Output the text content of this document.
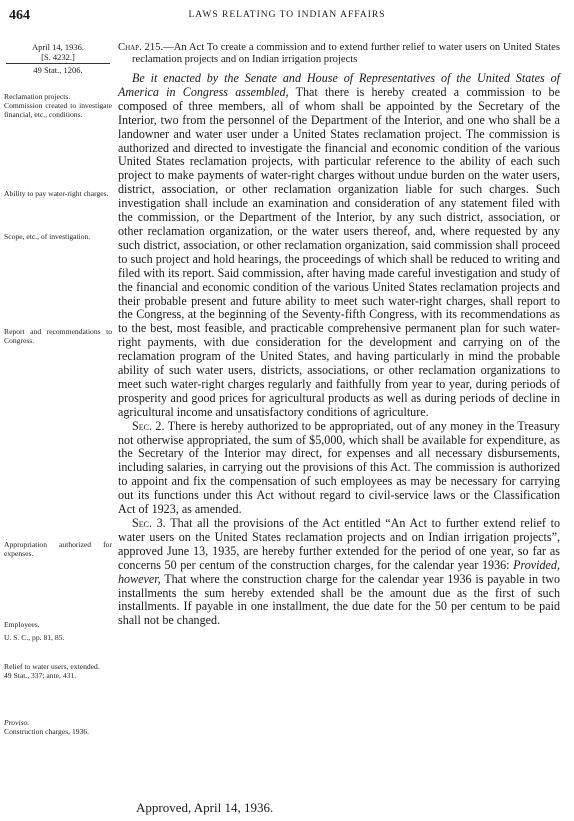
464	LAWS RELATING TO INDIAN AFFAIRS
April 14, 1936.
[S. 4232.]
49 Stat., 1206.
Reclamation projects.
Commission created to investigate financial, etc., conditions.
Ability to pay water-right charges.
Scope, etc., of investigation.
Report and recommendations to Congress.
Appropriation authorized for expenses.
Employees.
U. S. C., pp. 81, 85.
Relief to water users, extended.
49 Stat., 337; ante, 431.
Proviso.
Construction charges, 1936.
Chap. 215.—An Act To create a commission and to extend further relief to water users on United States reclamation projects and on Indian irrigation projects

Be it enacted by the Senate and House of Representatives of the United States of America in Congress assembled, That there is hereby created a commission to be composed of three members, all of whom shall be appointed by the Secretary of the Interior, two from the personnel of the Department of the Interior, and one who shall be a landowner and water user under a United States reclamation project. The commission is authorized and directed to investigate the financial and economic condition of the various United States reclamation projects, with particular reference to the ability of each such project to make payments of water-right charges without undue burden on the water users, district, association, or other reclamation organization liable for such charges. Such investigation shall include an examination and consideration of any statement filed with the commission, or the Department of the Interior, by any such district, association, or other reclamation organization, or the water users thereof, and, where requested by any such district, association, or other reclamation organization, said commission shall proceed to such project and hold hearings, the proceedings of which shall be reduced to writing and filed with its report. Said commission, after having made careful investigation and study of the financial and economic condition of the various United States reclamation projects and their probable present and future ability to meet such water-right charges, shall report to the Congress, at the beginning of the Seventy-fifth Congress, with its recommendations as to the best, most feasible, and practicable comprehensive permanent plan for such water-right payments, with due consideration for the development and carrying on of the reclamation program of the United States, and having particularly in mind the probable ability of such water users, districts, associations, or other reclamation organizations to meet such water-right charges regularly and faithfully from year to year, during periods of prosperity and good prices for agricultural products as well as during periods of decline in agricultural income and unsatisfactory conditions of agriculture.

Sec. 2. There is hereby authorized to be appropriated, out of any money in the Treasury not otherwise appropriated, the sum of $5,000, which shall be available for expenditure, as the Secretary of the Interior may direct, for expenses and all necessary disbursements, including salaries, in carrying out the provisions of this Act. The commission is authorized to appoint and fix the compensation of such employees as may be necessary for carrying out its functions under this Act without regard to civil-service laws or the Classification Act of 1923, as amended.

Sec. 3. That all the provisions of the Act entitled “An Act to further extend relief to water users on the United States reclamation projects and on Indian irrigation projects”, approved June 13, 1935, are hereby further extended for the period of one year, so far as concerns 50 per centum of the construction charges, for the calendar year 1936: Provided, however, That where the construction charge for the calendar year 1936 is payable in two installments the sum hereby extended shall be the amount due as the first of such installments. If payable in one installment, the due date for the 50 per centum to be paid shall not be changed.

Approved, April 14, 1936.
